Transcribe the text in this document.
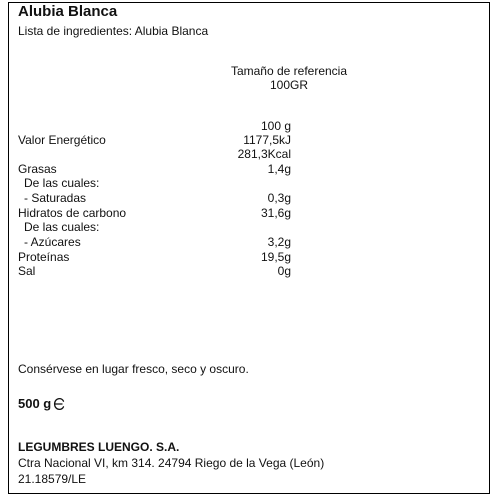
Alubia Blanca
Lista de ingredientes: Alubia Blanca
Tamaño de referencia
100GR
100 g
Valor Energético	1177,5kJ
281,3Kcal
Grasas	1,4g
De las cuales:
- Saturadas	0,3g
Hidratos de carbono	31,6g
De las cuales:
- Azúcares	3,2g
Proteínas	19,5g
Sal	0g
Consérvese en lugar fresco, seco y oscuro.
500 g
LEGUMBRES LUENGO. S.A.
Ctra Nacional VI, km 314. 24794 Riego de la Vega (León)
21.18579/LE
